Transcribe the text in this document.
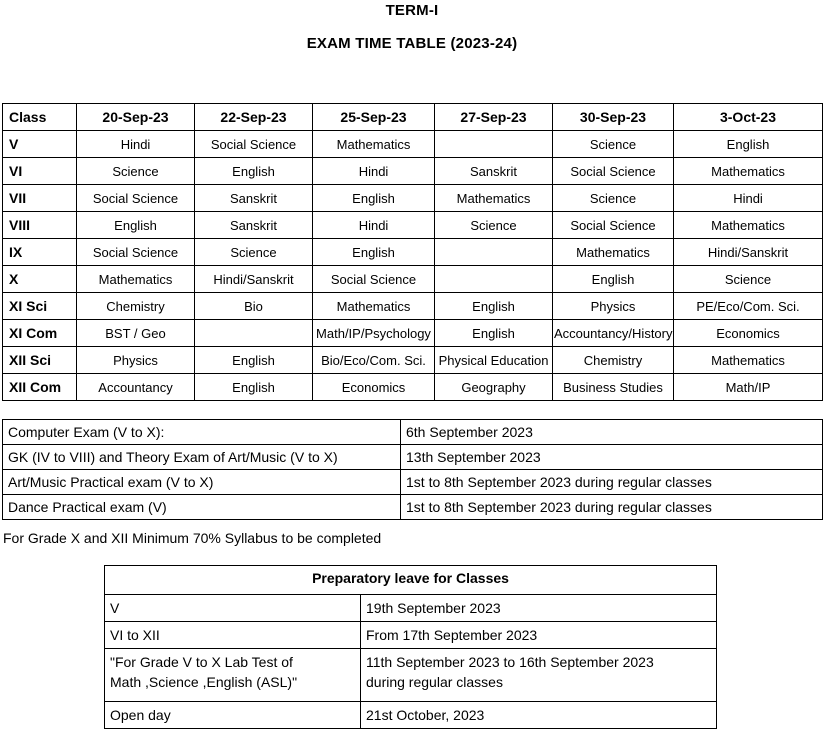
TERM-I
EXAM TIME TABLE (2023-24)
Class	20-Sep-23	22-Sep-23	25-Sep-23	27-Sep-23	30-Sep-23	3-Oct-23
V	Hindi	Social Science	Mathematics		Science	English
VI	Science	English	Hindi	Sanskrit	Social Science	Mathematics
VII	Social Science	Sanskrit	English	Mathematics	Science	Hindi
VIII	English	Sanskrit	Hindi	Science	Social Science	Mathematics
IX	Social Science	Science	English		Mathematics	Hindi/Sanskrit
X	Mathematics	Hindi/Sanskrit	Social Science		English	Science
XI Sci	Chemistry	Bio	Mathematics	English	Physics	PE/Eco/Com. Sci.
XI Com	BST / Geo		Math/IP/Psychology	English	Accountancy/History	Economics
XII Sci	Physics	English	Bio/Eco/Com. Sci.	Physical Education	Chemistry	Mathematics
XII Com	Accountancy	English	Economics	Geography	Business Studies	Math/IP
Computer Exam (V to X):	6th September 2023
GK (IV to VIII) and Theory Exam of Art/Music (V to X)	13th September 2023
Art/Music Practical exam (V to X)	1st to 8th September 2023 during regular classes
Dance Practical exam (V)	1st to 8th September 2023 during regular classes
For Grade X and XII Minimum 70% Syllabus to be completed
Preparatory leave for Classes	
V	19th September 2023
VI to XII	From 17th September 2023

"For Grade V to X Lab Test of
Math ,Science ,English (ASL)"	11th September 2023 to 16th September 2023
during regular classes

Open day	21st October, 2023
